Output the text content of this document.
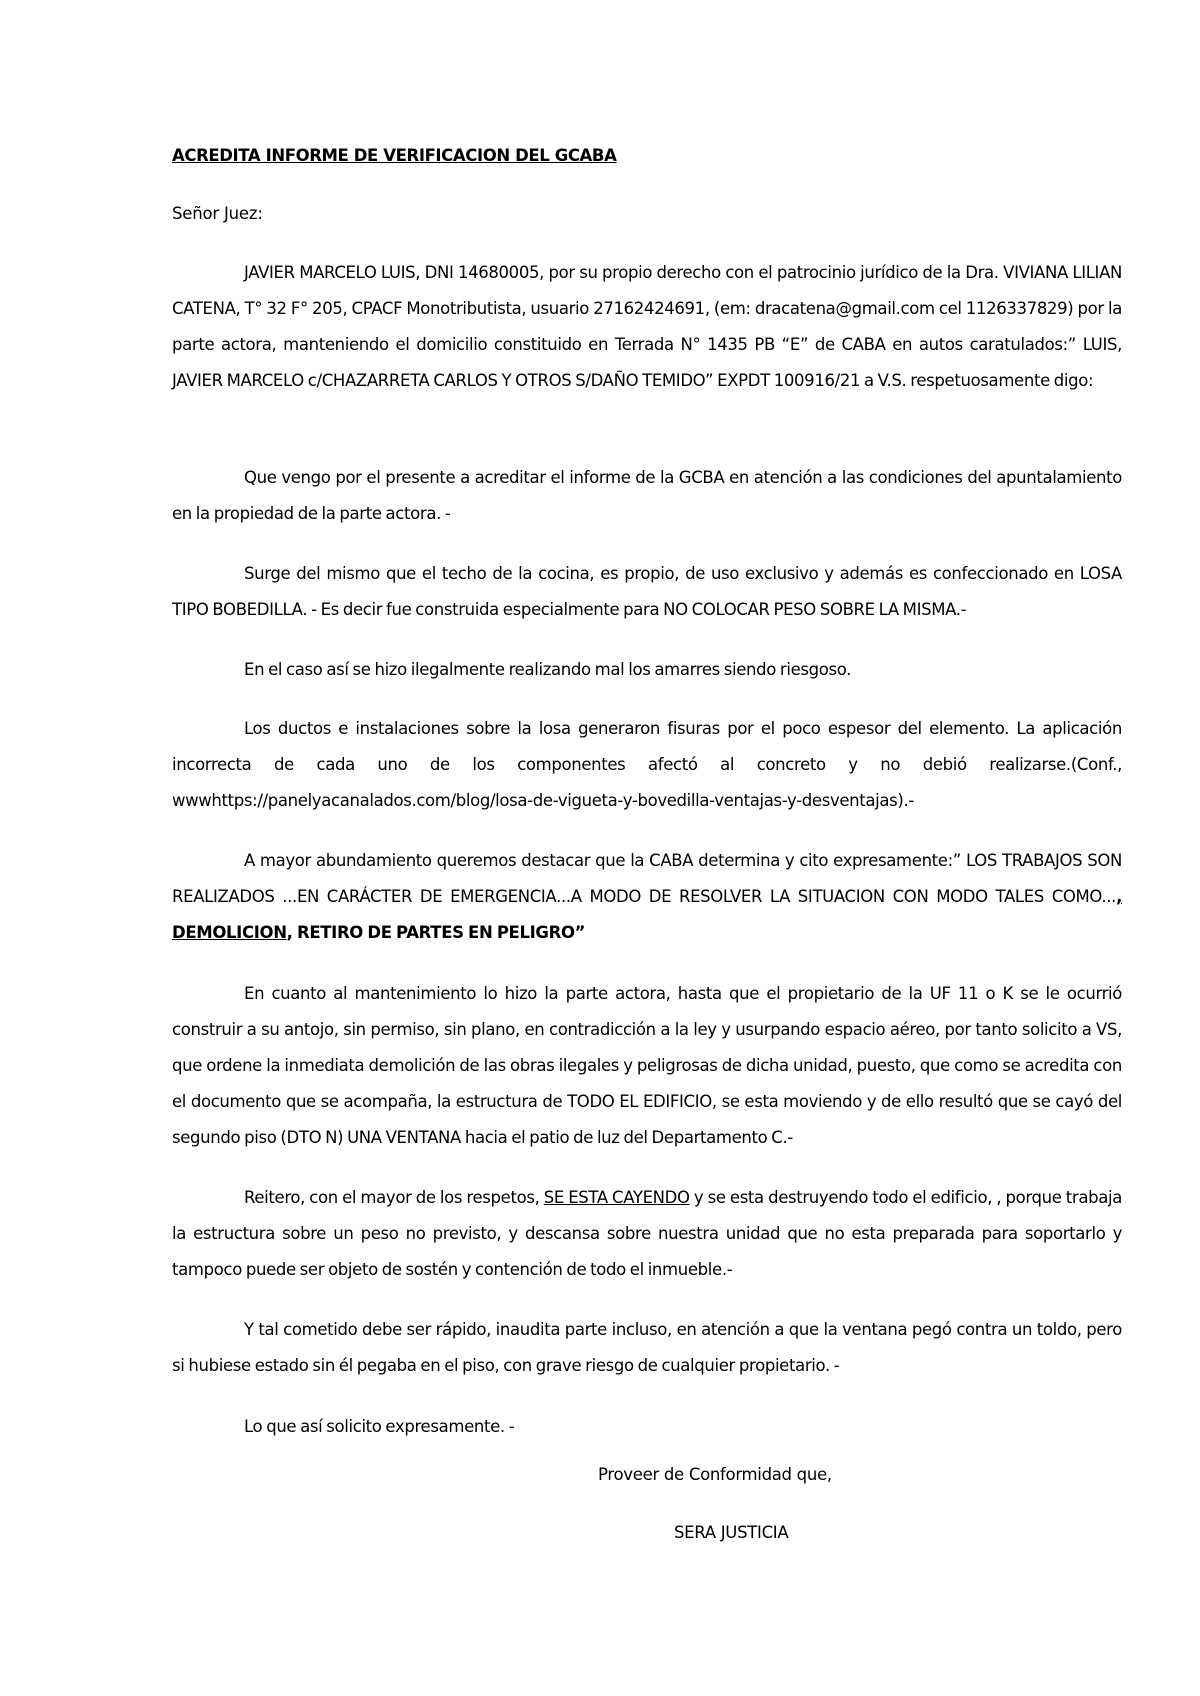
ACREDITA INFORME DE VERIFICACION DEL GCABA
Señor Juez:

JAVIER MARCELO LUIS, DNI 14680005, por su propio derecho con el patrocinio jurídico de la Dra. VIVIANA LILIAN CATENA, T° 32 F° 205, CPACF Monotributista, usuario 27162424691, (em: dracatena@gmail.com cel 1126337829) por la parte actora, manteniendo el domicilio constituido en Terrada N° 1435 PB “E” de CABA en autos caratulados:” LUIS, JAVIER MARCELO c/CHAZARRETA CARLOS Y OTROS S/DAÑO TEMIDO” EXPDT 100916/21 a V.S. respetuosamente digo:

Que vengo por el presente a acreditar el informe de la GCBA en atención a las condiciones del apuntalamiento en la propiedad de la parte actora. -

Surge del mismo que el techo de la cocina, es propio, de uso exclusivo y además es confeccionado en LOSA TIPO BOBEDILLA. - Es decir fue construida especialmente para NO COLOCAR PESO SOBRE LA MISMA.-

En el caso así se hizo ilegalmente realizando mal los amarres siendo riesgoso.

Los ductos e instalaciones sobre la losa generaron fisuras por el poco espesor del elemento. La aplicación incorrecta de cada uno de los componentes afectó al concreto y no debió realizarse.(Conf., wwwhttps://panelyacanalados.com/blog/losa-de-vigueta-y-bovedilla-ventajas-y-desventajas).-

A mayor abundamiento queremos destacar que la CABA determina y cito expresamente:” LOS TRABAJOS SON REALIZADOS ...EN CARÁCTER DE EMERGENCIA...A MODO DE RESOLVER LA SITUACION CON MODO TALES COMO..., DEMOLICION, RETIRO DE PARTES EN PELIGRO”

En cuanto al mantenimiento lo hizo la parte actora, hasta que el propietario de la UF 11 o K se le ocurrió construir a su antojo, sin permiso, sin plano, en contradicción a la ley y usurpando espacio aéreo, por tanto solicito a VS, que ordene la inmediata demolición de las obras ilegales y peligrosas de dicha unidad, puesto, que como se acredita con el documento que se acompaña, la estructura de TODO EL EDIFICIO, se esta moviendo y de ello resultó que se cayó del segundo piso (DTO N) UNA VENTANA hacia el patio de luz del Departamento C.-

Reitero, con el mayor de los respetos, SE ESTA CAYENDO y se esta destruyendo todo el edificio, , porque trabaja la estructura sobre un peso no previsto, y descansa sobre nuestra unidad que no esta preparada para soportarlo y tampoco puede ser objeto de sostén y contención de todo el inmueble.-

Y tal cometido debe ser rápido, inaudita parte incluso, en atención a que la ventana pegó contra un toldo, pero si hubiese estado sin él pegaba en el piso, con grave riesgo de cualquier propietario. -

Lo que así solicito expresamente. -

Proveer de Conformidad que,
SERA JUSTICIA
